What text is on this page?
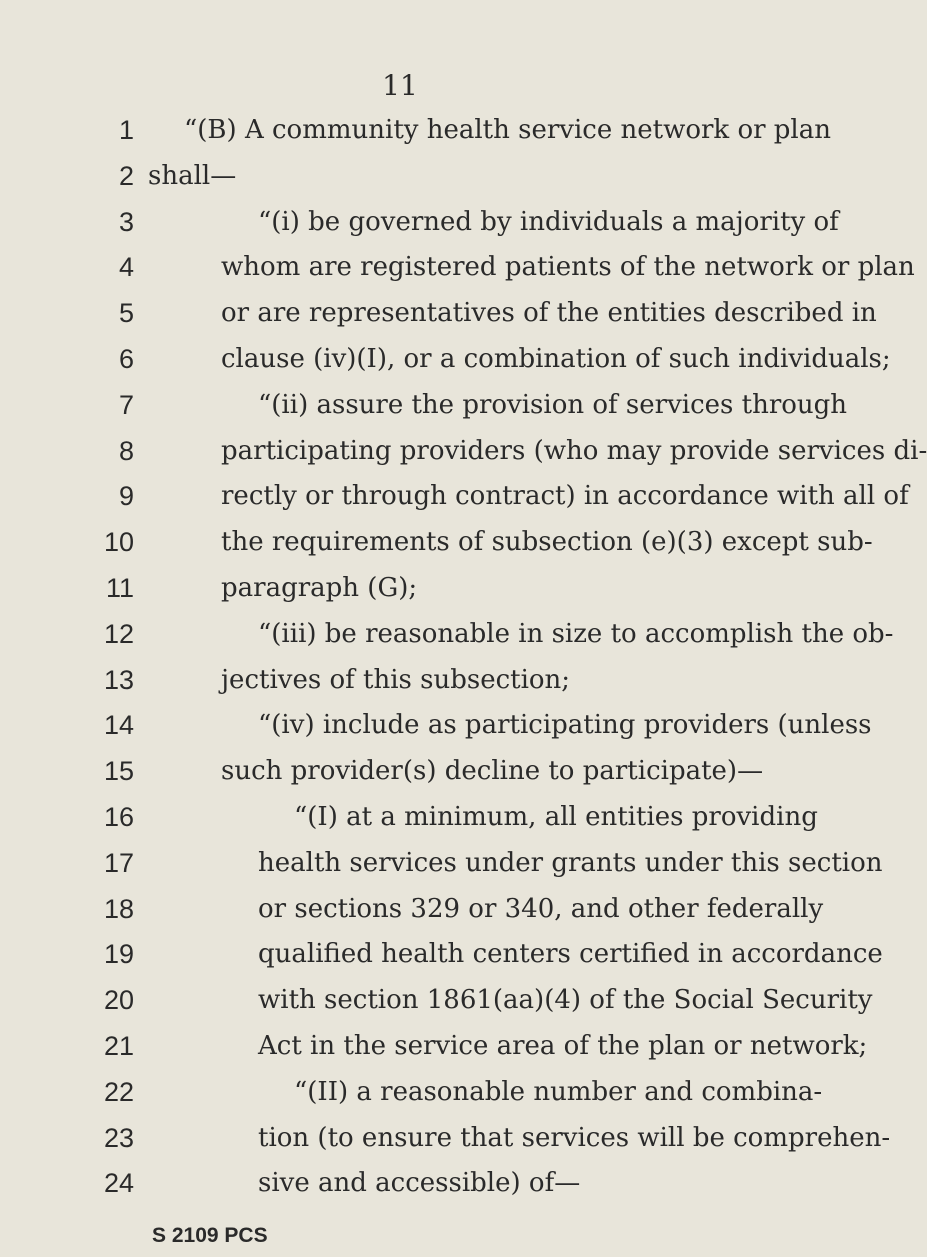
11
1 “(B) A community health service network or plan
2 shall—
3	“(i) be governed by individuals a majority of
4	whom are registered patients of the network or plan
5	or are representatives of the entities described in
6	clause (iv)(I), or a combination of such individuals;
7	“(ii) assure the provision of services through
8	participating providers (who may provide services di-
9	rectly or through contract) in accordance with all of
10	the requirements of subsection (e)(3) except sub-
11	paragraph (G);
12	“(iii) be reasonable in size to accomplish the ob-
13	jectives of this subsection;
14	“(iv) include as participating providers (unless
15	such provider(s) decline to participate)—
16	“(I) at a minimum, all entities providing
17	health services under grants under this section
18	or sections 329 or 340, and other federally
19	qualified health centers certified in accordance
20	with section 1861(aa)(4) of the Social Security
21	Act in the service area of the plan or network;
22	“(II) a reasonable number and combina-
23	tion (to ensure that services will be comprehen-
24	sive and accessible) of—
S 2109 PCS
